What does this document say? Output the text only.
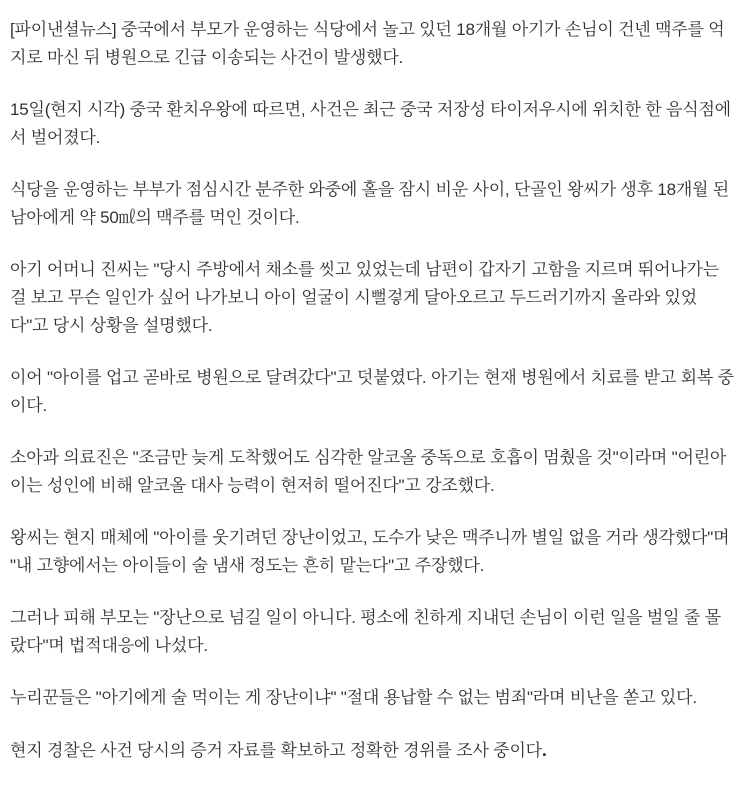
[파이낸셜뉴스] 중국에서 부모가 운영하는 식당에서 놀고 있던 18개월 아기가 손님이 건넨 맥주를 억지로 마신 뒤 병원으로 긴급 이송되는 사건이 발생했다.

15일(현지 시각) 중국 환치우왕에 따르면, 사건은 최근 중국 저장성 타이저우시에 위치한 한 음식점에서 벌어졌다.

식당을 운영하는 부부가 점심시간 분주한 와중에 홀을 잠시 비운 사이, 단골인 왕씨가 생후 18개월 된 남아에게 약 50㎖의 맥주를 먹인 것이다.

아기 어머니 진씨는 "당시 주방에서 채소를 씻고 있었는데 남편이 갑자기 고함을 지르며 뛰어나가는 걸 보고 무슨 일인가 싶어 나가보니 아이 얼굴이 시뻘겋게 달아오르고 두드러기까지 올라와 있었다"고 당시 상황을 설명했다.

이어 "아이를 업고 곧바로 병원으로 달려갔다"고 덧붙였다. 아기는 현재 병원에서 치료를 받고 회복 중이다.

소아과 의료진은 "조금만 늦게 도착했어도 심각한 알코올 중독으로 호흡이 멈췄을 것"이라며 "어린아이는 성인에 비해 알코올 대사 능력이 현저히 떨어진다"고 강조했다.

왕씨는 현지 매체에 "아이를 웃기려던 장난이었고, 도수가 낮은 맥주니까 별일 없을 거라 생각했다"며 "내 고향에서는 아이들이 술 냄새 정도는 흔히 맡는다"고 주장했다.

그러나 피해 부모는 "장난으로 넘길 일이 아니다. 평소에 친하게 지내던 손님이 이런 일을 벌일 줄 몰랐다"며 법적대응에 나섰다.

누리꾼들은 "아기에게 술 먹이는 게 장난이냐" "절대 용납할 수 없는 범죄"라며 비난을 쏟고 있다.

현지 경찰은 사건 당시의 증거 자료를 확보하고 정확한 경위를 조사 중이다.
